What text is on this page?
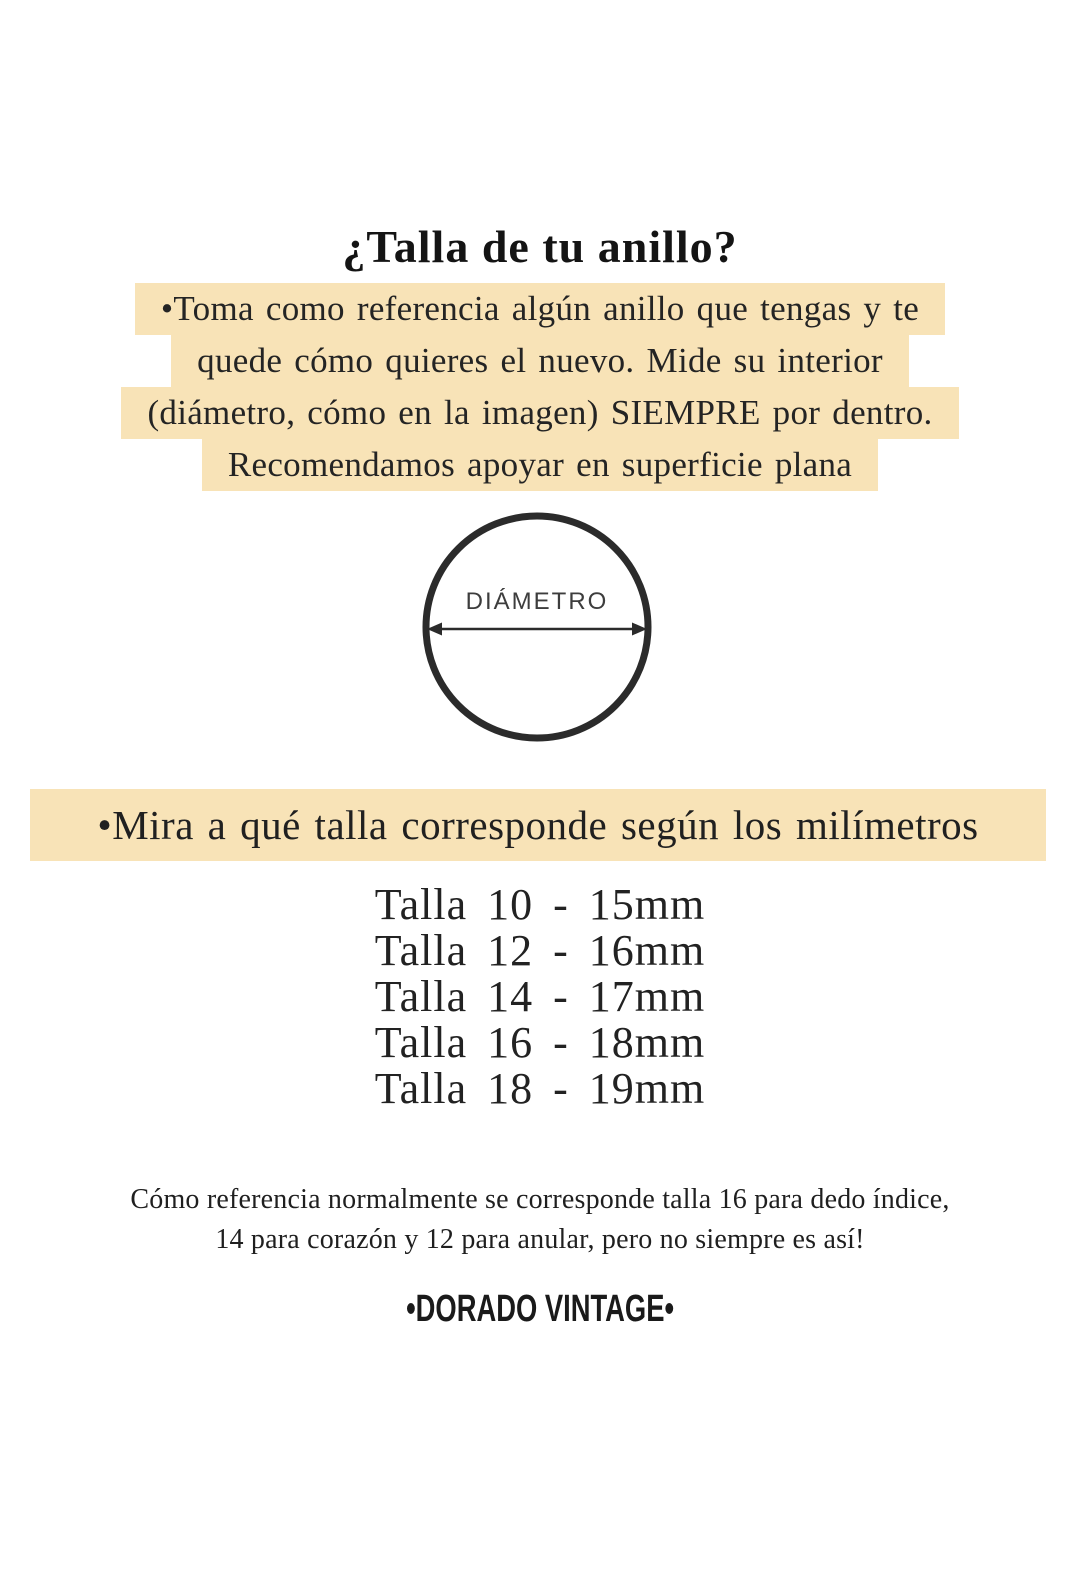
¿Talla de tu anillo?
•Toma como referencia algún anillo que tengas y te
quede cómo quieres el nuevo. Mide su interior
(diámetro, cómo en la imagen) SIEMPRE por dentro.
Recomendamos apoyar en superficie plana
DIÁMETRO
•Mira a qué talla corresponde según los milímetros
Talla 10 - 15mm
Talla 12 - 16mm
Talla 14 - 17mm
Talla 16 - 18mm
Talla 18 - 19mm
Cómo referencia normalmente se corresponde talla 16 para dedo índice,
14 para corazón y 12 para anular, pero no siempre es así!
•DORADO VINTAGE•
